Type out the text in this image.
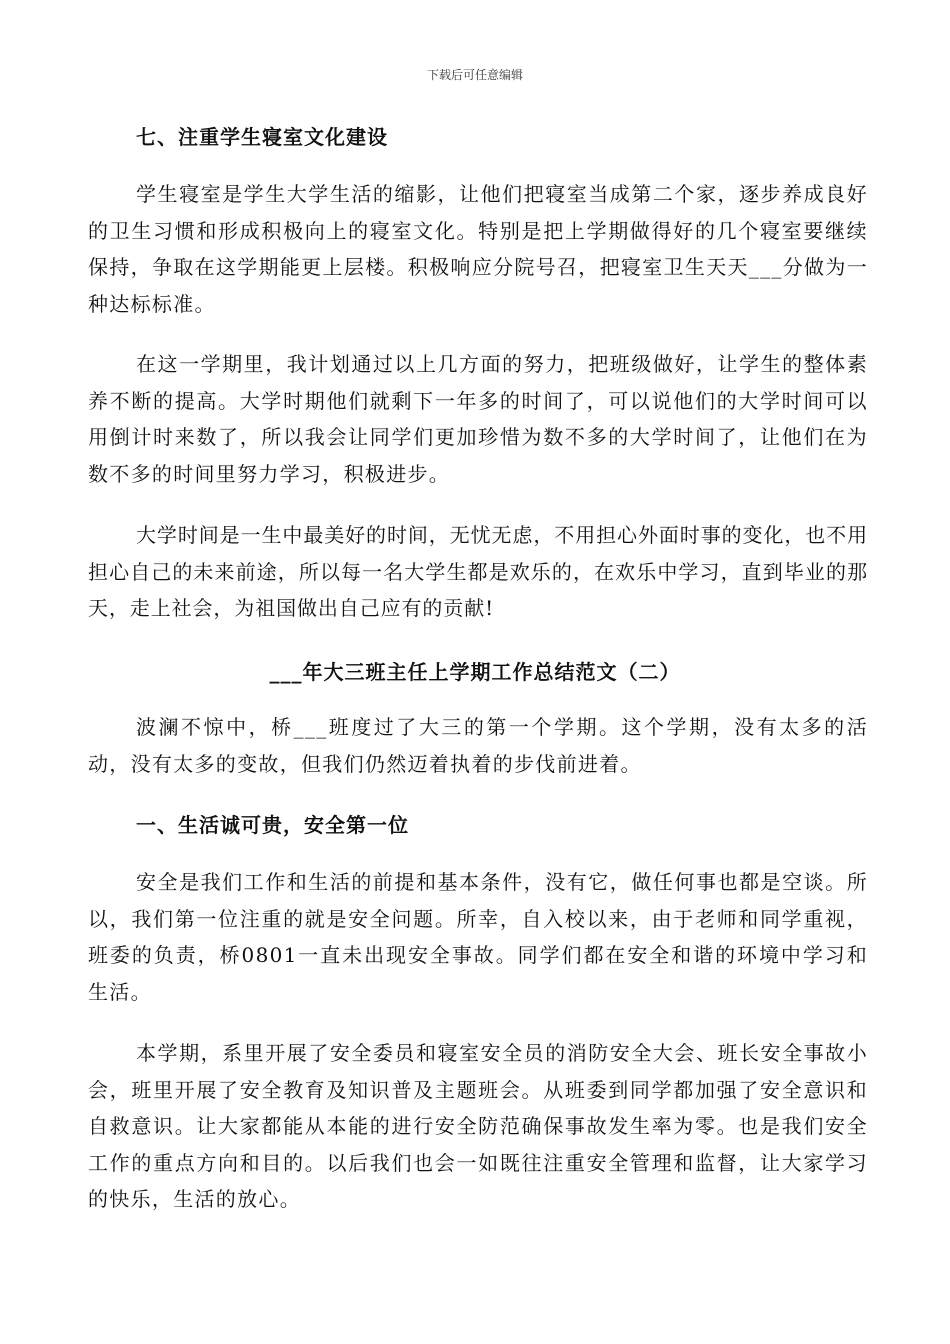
下载后可任意编辑
七、注重学生寝室文化建设
学生寝室是学生大学生活的缩影，让他们把寝室当成第二个家，逐步养成良好的卫生习惯和形成积极向上的寝室文化。特别是把上学期做得好的几个寝室要继续保持，争取在这学期能更上层楼。积极响应分院号召，把寝室卫生天天___分做为一种达标标准。
在这一学期里，我计划通过以上几方面的努力，把班级做好，让学生的整体素养不断的提高。大学时期他们就剩下一年多的时间了，可以说他们的大学时间可以用倒计时来数了，所以我会让同学们更加珍惜为数不多的大学时间了，让他们在为数不多的时间里努力学习，积极进步。
大学时间是一生中最美好的时间，无忧无虑，不用担心外面时事的变化，也不用担心自己的未来前途，所以每一名大学生都是欢乐的，在欢乐中学习，直到毕业的那天，走上社会，为祖国做出自己应有的贡献!
___年大三班主任上学期工作总结范文（二）
波澜不惊中，桥___班度过了大三的第一个学期。这个学期，没有太多的活动，没有太多的变故，但我们仍然迈着执着的步伐前进着。
一、生活诚可贵，安全第一位
安全是我们工作和生活的前提和基本条件，没有它，做任何事也都是空谈。所以，我们第一位注重的就是安全问题。所幸，自入校以来，由于老师和同学重视，班委的负责，桥0801一直未出现安全事故。同学们都在安全和谐的环境中学习和生活。
本学期，系里开展了安全委员和寝室安全员的消防安全大会、班长安全事故小会，班里开展了安全教育及知识普及主题班会。从班委到同学都加强了安全意识和自救意识。让大家都能从本能的进行安全防范确保事故发生率为零。也是我们安全工作的重点方向和目的。以后我们也会一如既往注重安全管理和监督，让大家学习的快乐，生活的放心。
